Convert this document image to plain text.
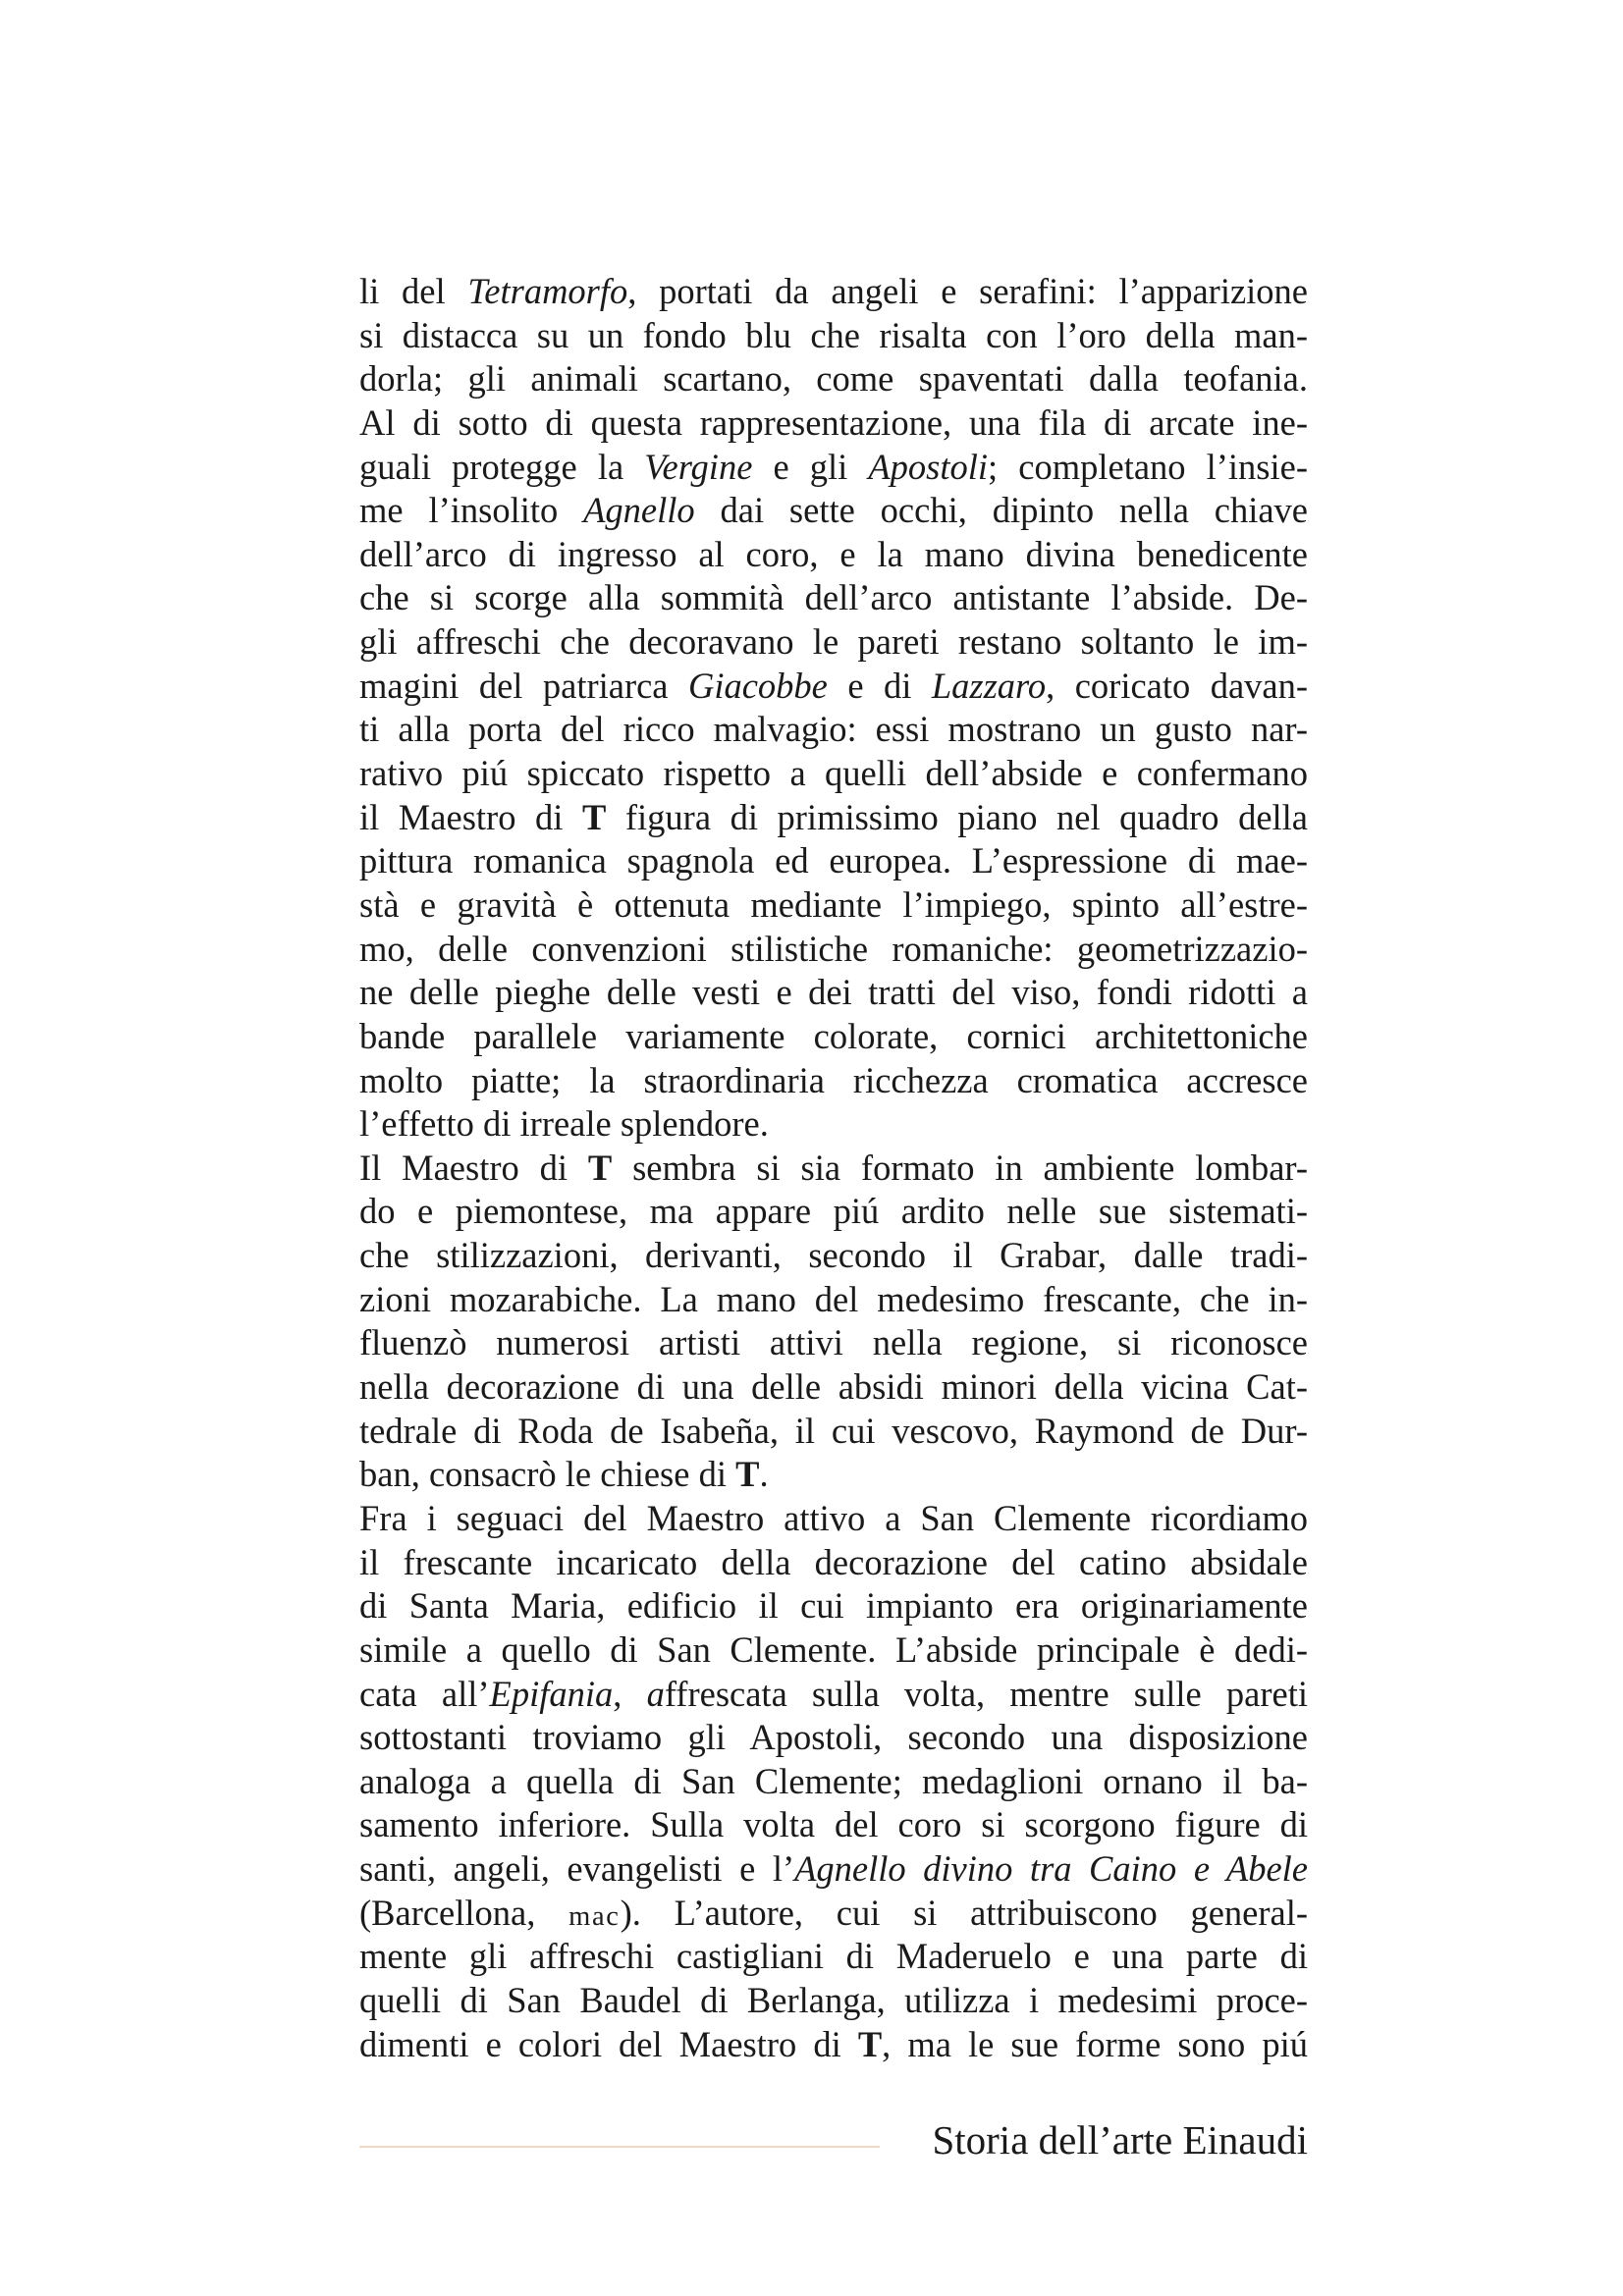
li del Tetramorfo, portati da angeli e serafini: l’apparizione
si distacca su un fondo blu che risalta con l’oro della man-
dorla; gli animali scartano, come spaventati dalla teofania.
Al di sotto di questa rappresentazione, una fila di arcate ine-
guali protegge la Vergine e gli Apostoli; completano l’insie-
me l’insolito Agnello dai sette occhi, dipinto nella chiave
dell’arco di ingresso al coro, e la mano divina benedicente
che si scorge alla sommità dell’arco antistante l’abside. De-
gli affreschi che decoravano le pareti restano soltanto le im-
magini del patriarca Giacobbe e di Lazzaro, coricato davan-
ti alla porta del ricco malvagio: essi mostrano un gusto nar-
rativo piú spiccato rispetto a quelli dell’abside e confermano
il Maestro di T figura di primissimo piano nel quadro della
pittura romanica spagnola ed europea. L’espressione di mae-
stà e gravità è ottenuta mediante l’impiego, spinto all’estre-
mo, delle convenzioni stilistiche romaniche: geometrizzazio-
ne delle pieghe delle vesti e dei tratti del viso, fondi ridotti a
bande parallele variamente colorate, cornici architettoniche
molto piatte; la straordinaria ricchezza cromatica accresce
l’effetto di irreale splendore.
Il Maestro di T sembra si sia formato in ambiente lombar-
do e piemontese, ma appare piú ardito nelle sue sistemati-
che stilizzazioni, derivanti, secondo il Grabar, dalle tradi-
zioni mozarabiche. La mano del medesimo frescante, che in-
fluenzò numerosi artisti attivi nella regione, si riconosce
nella decorazione di una delle absidi minori della vicina Cat-
tedrale di Roda de Isabeña, il cui vescovo, Raymond de Dur-
ban, consacrò le chiese di T.
Fra i seguaci del Maestro attivo a San Clemente ricordiamo
il frescante incaricato della decorazione del catino absidale
di Santa Maria, edificio il cui impianto era originariamente
simile a quello di San Clemente. L’abside principale è dedi-
cata all’Epifania, affrescata sulla volta, mentre sulle pareti
sottostanti troviamo gli Apostoli, secondo una disposizione
analoga a quella di San Clemente; medaglioni ornano il ba-
samento inferiore. Sulla volta del coro si scorgono figure di
santi, angeli, evangelisti e l’Agnello divino tra Caino e Abele
(Barcellona, mac). L’autore, cui si attribuiscono general-
mente gli affreschi castigliani di Maderuelo e una parte di
quelli di San Baudel di Berlanga, utilizza i medesimi proce-
dimenti e colori del Maestro di T, ma le sue forme sono piú
Storia dell’arte Einaudi
